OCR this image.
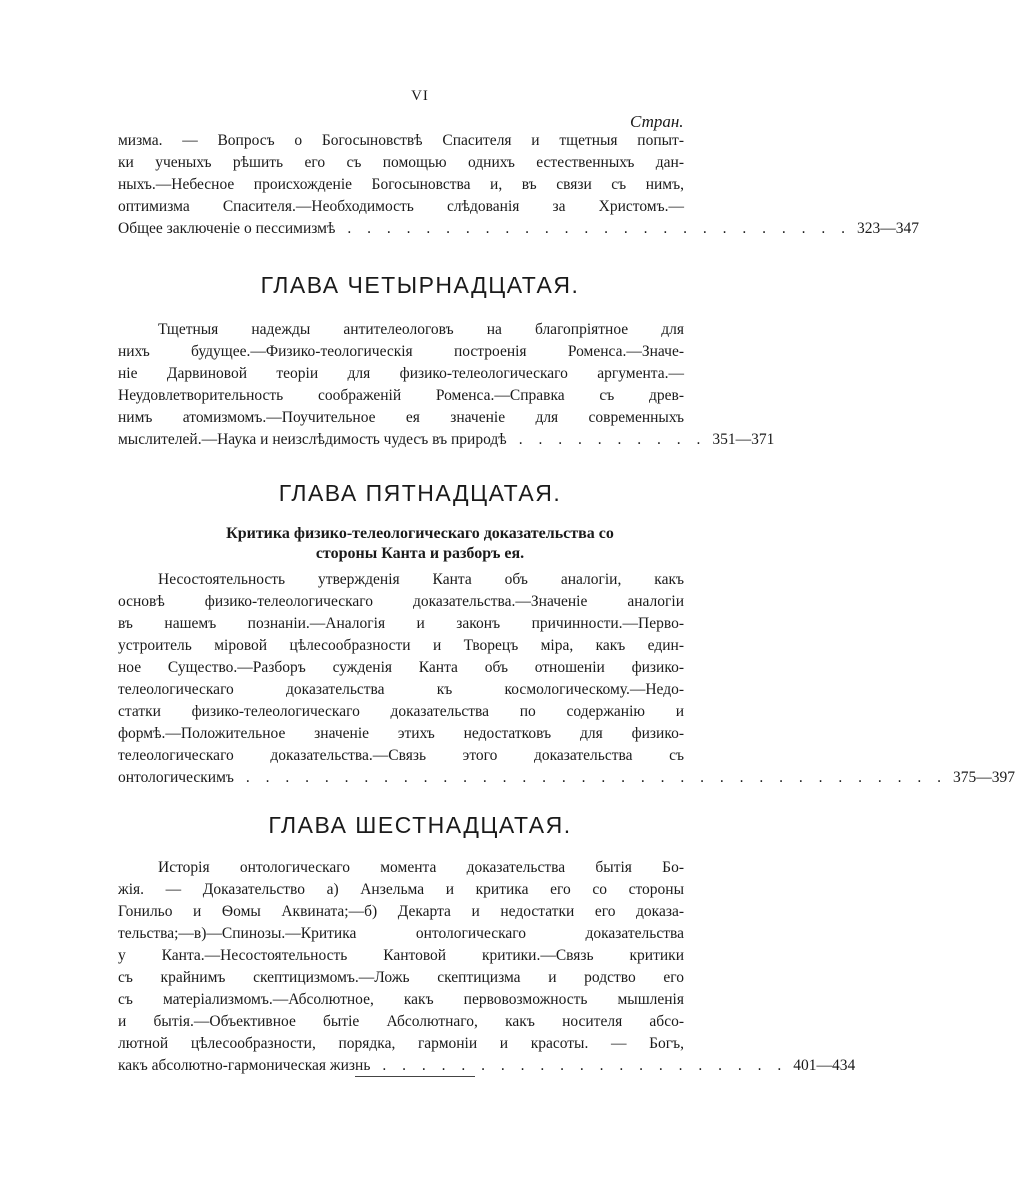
VI
Стран.
мизма. — Вопросъ о Богосыновствѣ Спасителя и тщетныя попыт-
ки ученыхъ рѣшить его съ помощью однихъ естественныхъ дан-
ныхъ.—Небесное происхожденіе Богосыновства и, въ связи съ нимъ,
оптимизма Спасителя.—Необходимость слѣдованія за Христомъ.—
Общее заключеніе о пессимизмѣ . . . . . . . . . . . . . . . . . . . . . . . . . . 323—347
ГЛАВА ЧЕТЫРНАДЦАТАЯ.
Тщетныя надежды антителеологовъ на благопріятное для
нихъ будущее.—Физико-теологическія построенія Роменса.—Значе-
ніе Дарвиновой теоріи для физико-телеологическаго аргумента.—
Неудовлетворительность соображеній Роменса.—Справка съ древ-
нимъ атомизмомъ.—Поучительное ея значеніе для современныхъ
мыслителей.—Наука и неизслѣдимость чудесъ въ природѣ . . . . . . . . . . 351—371
ГЛАВА ПЯТНАДЦАТАЯ.
Критика физико-телеологическаго доказательства со
стороны Канта и разборъ ея.
Несостоятельность утвержденія Канта объ аналогіи, какъ
основѣ физико-телеологическаго доказательства.—Значеніе аналогіи
въ нашемъ познаніи.—Аналогія и законъ причинности.—Перво-
устроитель міровой цѣлесообразности и Творецъ міра, какъ един-
ное Существо.—Разборъ сужденія Канта объ отношеніи физико-
телеологическаго доказательства къ космологическому.—Недо-
статки физико-телеологическаго доказательства по содержанію и
формѣ.—Положительное значеніе этихъ недостатковъ для физико-
телеологическаго доказательства.—Связь этого доказательства съ
онтологическимъ . . . . . . . . . . . . . . . . . . . . . . . . . . . . . . . . . . . . 375—397
ГЛАВА ШЕСТНАДЦАТАЯ.
Исторія онтологическаго момента доказательства бытія Бо-
жія. — Доказательство а) Анзельма и критика его со стороны
Гонильо и Ѳомы Аквината;—б) Декарта и недостатки его доказа-
тельства;—в)—Спинозы.—Критика онтологическаго доказательства
у Канта.—Несостоятельность Кантовой критики.—Связь критики
съ крайнимъ скептицизмомъ.—Ложь скептицизма и родство его
съ матеріализмомъ.—Абсолютное, какъ первовозможность мышленія
и бытія.—Объективное бытіе Абсолютнаго, какъ носителя абсо-
лютной цѣлесообразности, порядка, гармоніи и красоты. — Богъ,
какъ абсолютно-гармоническая жизнь . . . . . . . . . . . . . . . . . . . . . 401—434
